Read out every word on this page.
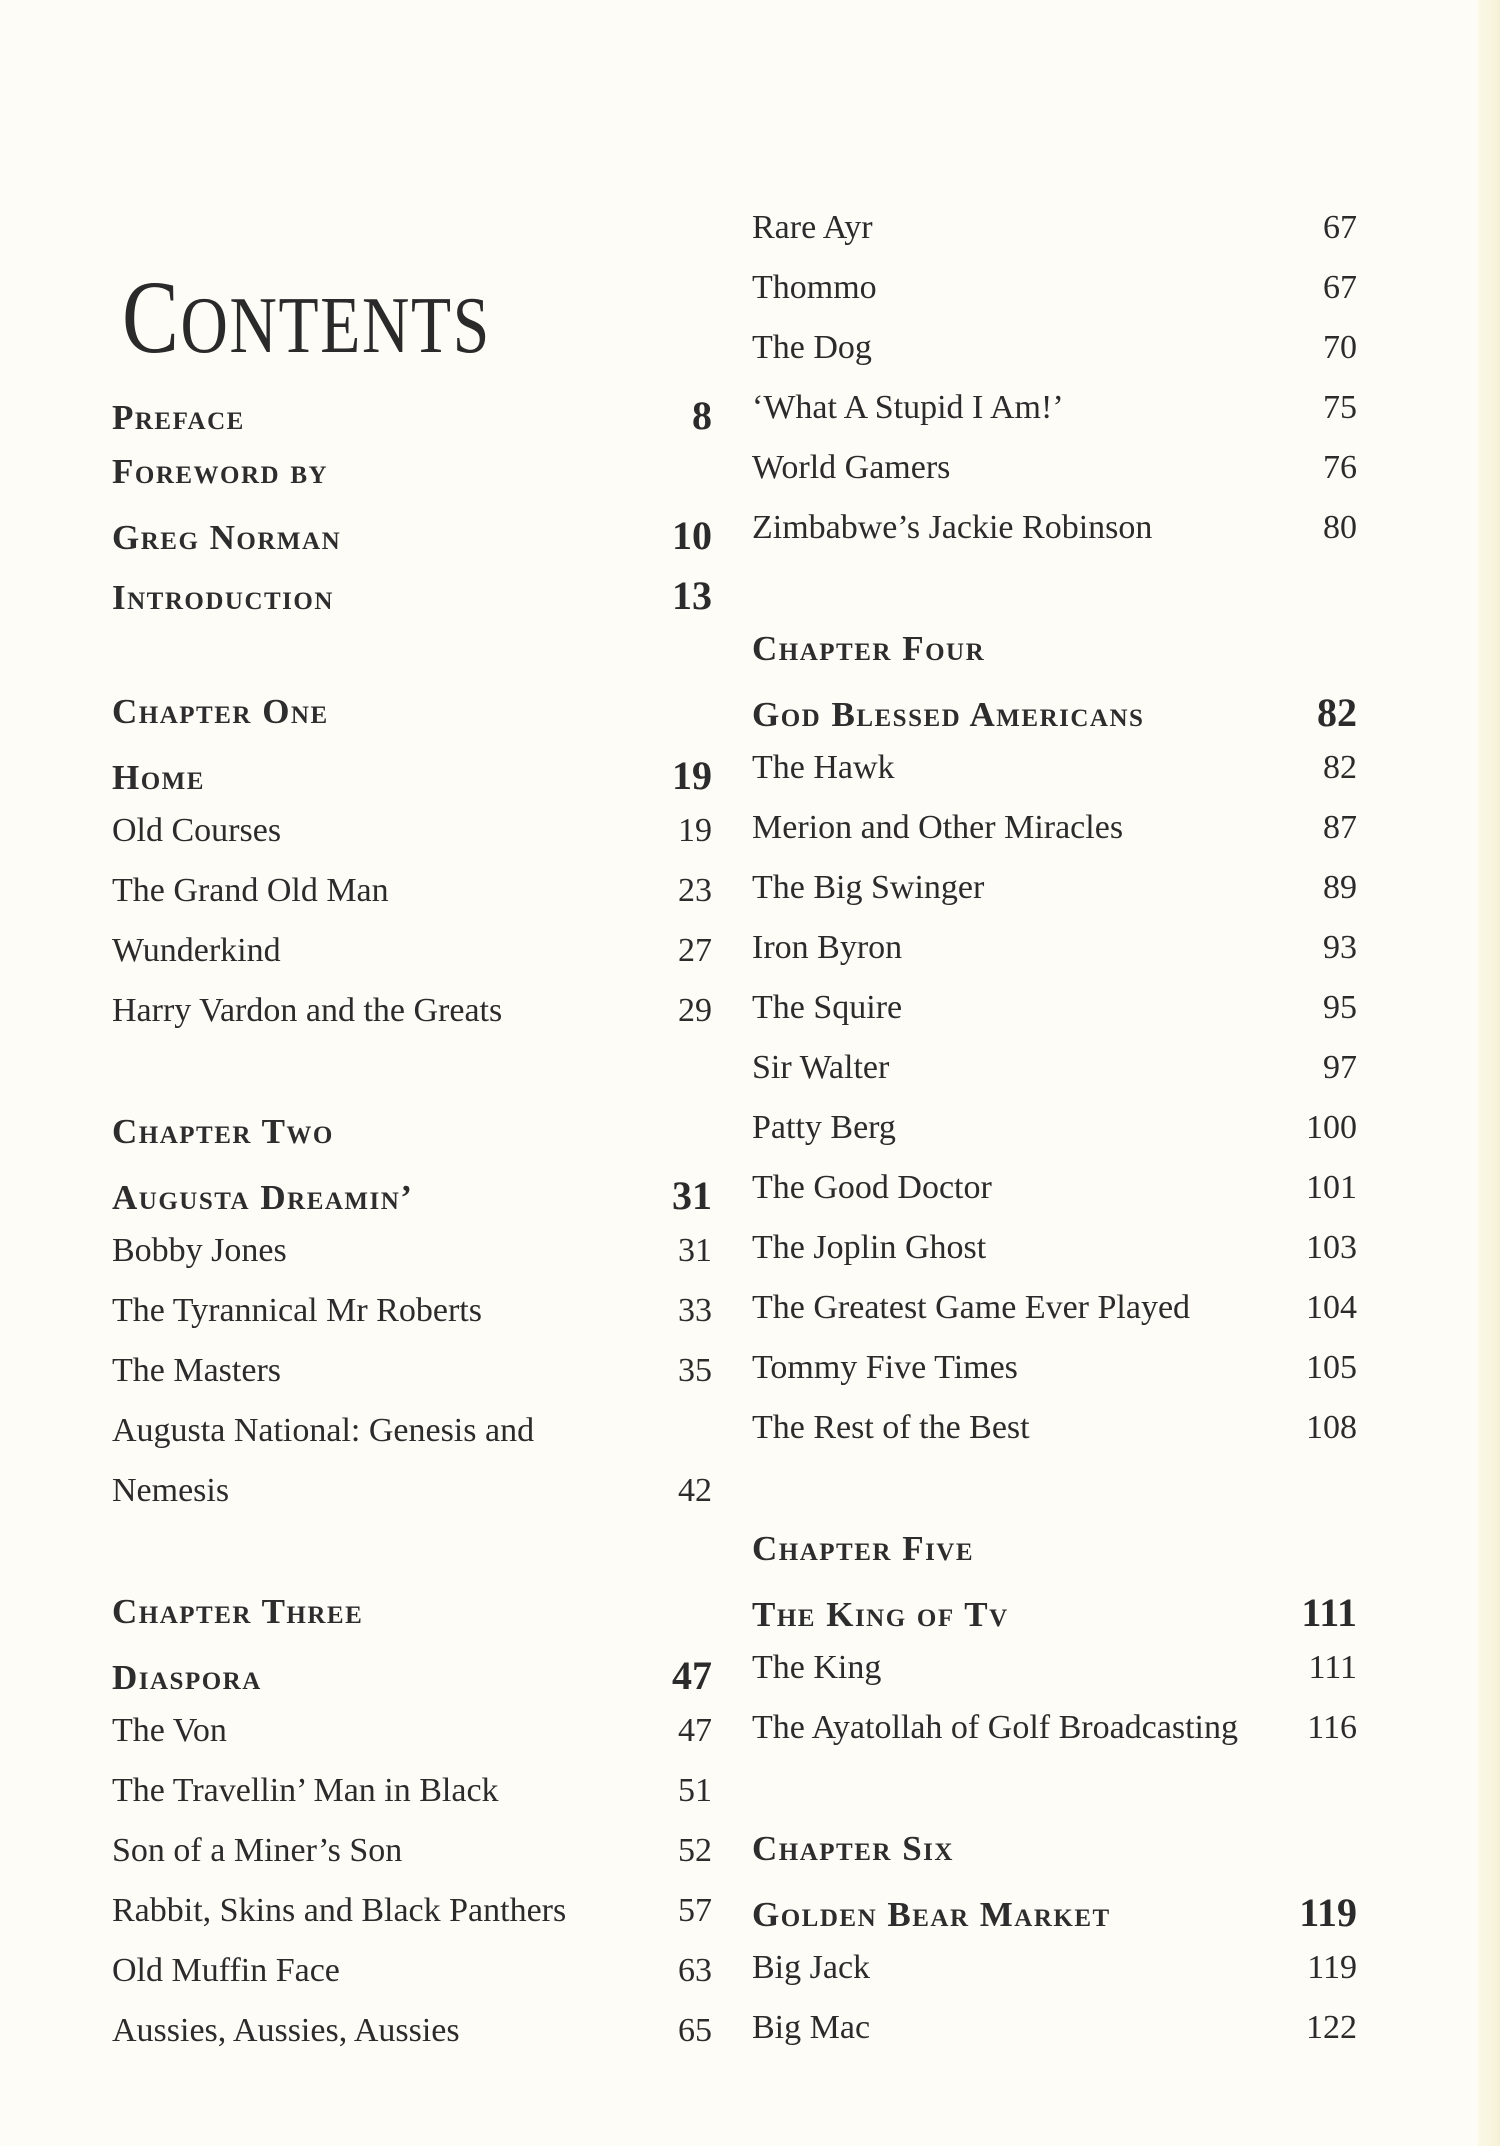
CONTENTS
Preface	8
Foreword by
Greg Norman	10
Introduction	13
Chapter One
Home	19
Old Courses	19
The Grand Old Man	23
Wunderkind	27
Harry Vardon and the Greats	29
Chapter Two
Augusta Dreamin’	31
Bobby Jones	31
The Tyrannical Mr Roberts	33
The Masters	35
Augusta National: Genesis and
Nemesis	42
Chapter Three
Diaspora	47
The Von	47
The Travellin’ Man in Black	51
Son of a Miner’s Son	52
Rabbit, Skins and Black Panthers	57
Old Muffin Face	63
Aussies, Aussies, Aussies	65
Rare Ayr	67
Thommo	67
The Dog	70
‘What A Stupid I Am!’	75
World Gamers	76
Zimbabwe’s Jackie Robinson	80
Chapter Four
God Blessed Americans	82
The Hawk	82
Merion and Other Miracles	87
The Big Swinger	89
Iron Byron	93
The Squire	95
Sir Walter	97
Patty Berg	100
The Good Doctor	101
The Joplin Ghost	103
The Greatest Game Ever Played	104
Tommy Five Times	105
The Rest of the Best	108
Chapter Five
The King of Tv	111
The King	111
The Ayatollah of Golf Broadcasting 116
Chapter Six
Golden Bear Market	119
Big Jack	119
Big Mac	122
